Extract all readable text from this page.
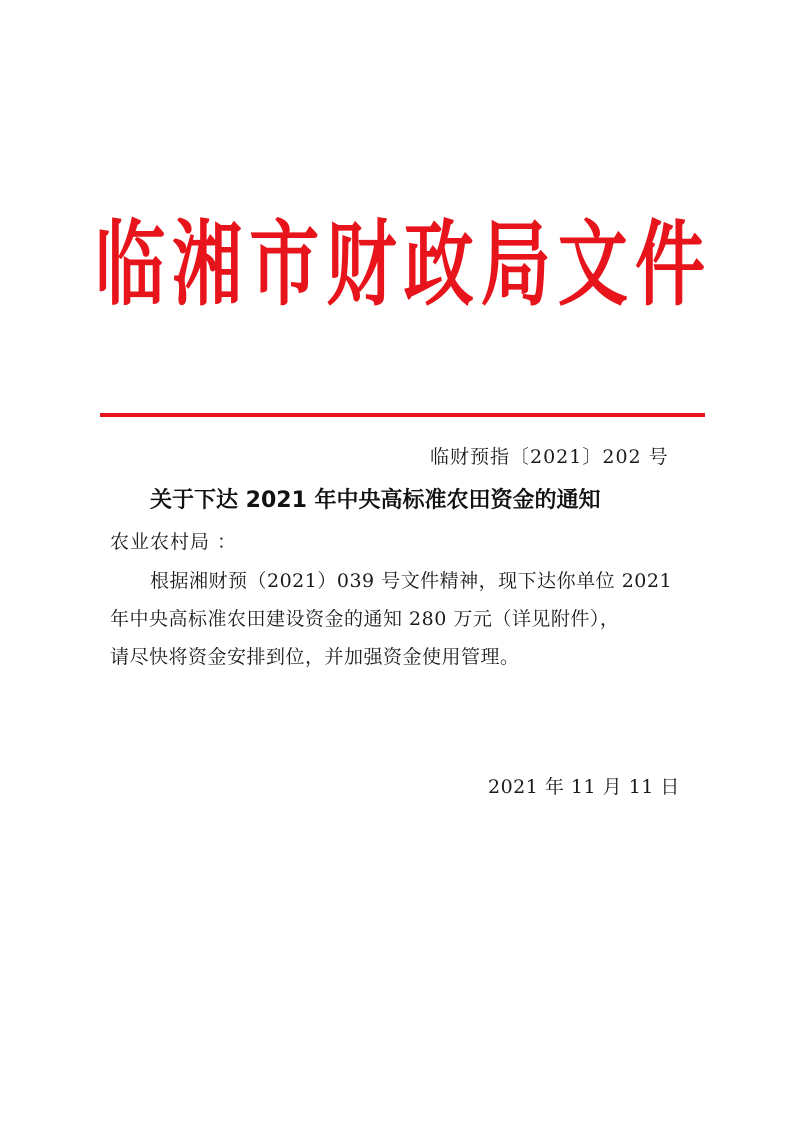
临 湘 市 财 政 局 文 件
临财预指〔2021〕202 号
关于下达 2021 年中央高标准农田资金的通知
农业农村局 ：
根据湘财预（2021）039 号文件精神，现下达你单位 2021
年中央高标准农田建设资金的通知 280 万元（详见附件），
请尽快将资金安排到位，并加强资金使用管理。
2021 年 11 月 11 日
